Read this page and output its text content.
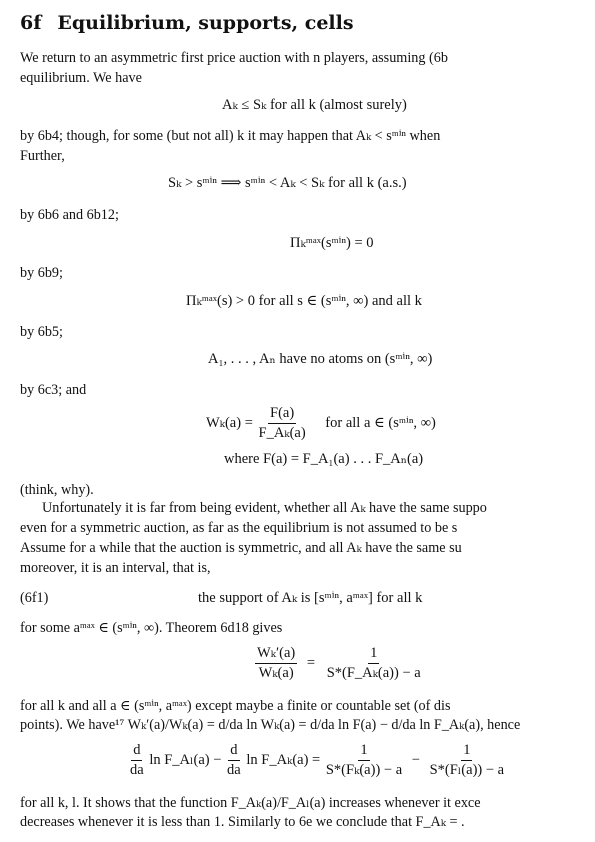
6f Equilibrium, supports, cells
We return to an asymmetric first price auction with n players, assuming (6b
equilibrium. We have
Aₖ ≤ Sₖ for all k (almost surely)
by 6b4; though, for some (but not all) k it may happen that Aₖ < sᵐⁱⁿ when
Further,
Sₖ > sᵐⁱⁿ ⟹ sᵐⁱⁿ < Aₖ < Sₖ for all k (a.s.)
by 6b6 and 6b12;
Πₖᵐᵃˣ(sᵐⁱⁿ) = 0
by 6b9;
Πₖᵐᵃˣ(s) > 0 for all s ∈ (sᵐⁱⁿ, ∞) and all k
by 6b5;
A₁, . . . , Aₙ have no atoms on (sᵐⁱⁿ, ∞)
by 6c3; and
$W_k(a) = \frac{F(a)}{\text{F\_Aₖ(a)}}$ for all a ∈ (sᵐⁱⁿ, ∞)
where F(a) = F_A₁(a) . . . F_Aₙ(a)
(think, why).
Unfortunately it is far from being evident, whether all Aₖ have the same suppo
even for a symmetric auction, as far as the equilibrium is not assumed to be s
Assume for a while that the auction is symmetric, and all Aₖ have the same su
moreover, it is an interval, that is,
(6f1)	the support of Aₖ is [sᵐⁱⁿ, aᵐᵃˣ] for all k
for some aᵐᵃˣ ∈ (sᵐⁱⁿ, ∞). Theorem 6d18 gives
$\frac{\text{Wₖ′(a)}}{\text{Wₖ(a)}} = \frac{1}{\text{S*(F\_Aₖ(a)) − a}}$
for all k and all a ∈ (sᵐⁱⁿ, aᵐᵃˣ) except maybe a finite or countable set (of dis
points). We have¹⁷ Wₖ′(a)/Wₖ(a) = d/da ln Wₖ(a) = d/da ln F(a) − d/da ln F_Aₖ(a), hence
$\frac{d}{da}$ ln F_Aₗ(a) − $\frac{d}{da}$ ln F_Aₖ(a) = $\frac{1}{\text{S*(Fₖ(a)) − a}} - \frac{1}{\text{S*(Fₗ(a)) − a}}$
for all k, l. It shows that the function F_Aₖ(a)/F_Aₗ(a) increases whenever it exce
decreases whenever it is less than 1. Similarly to 6e we conclude that F_Aₖ = .
